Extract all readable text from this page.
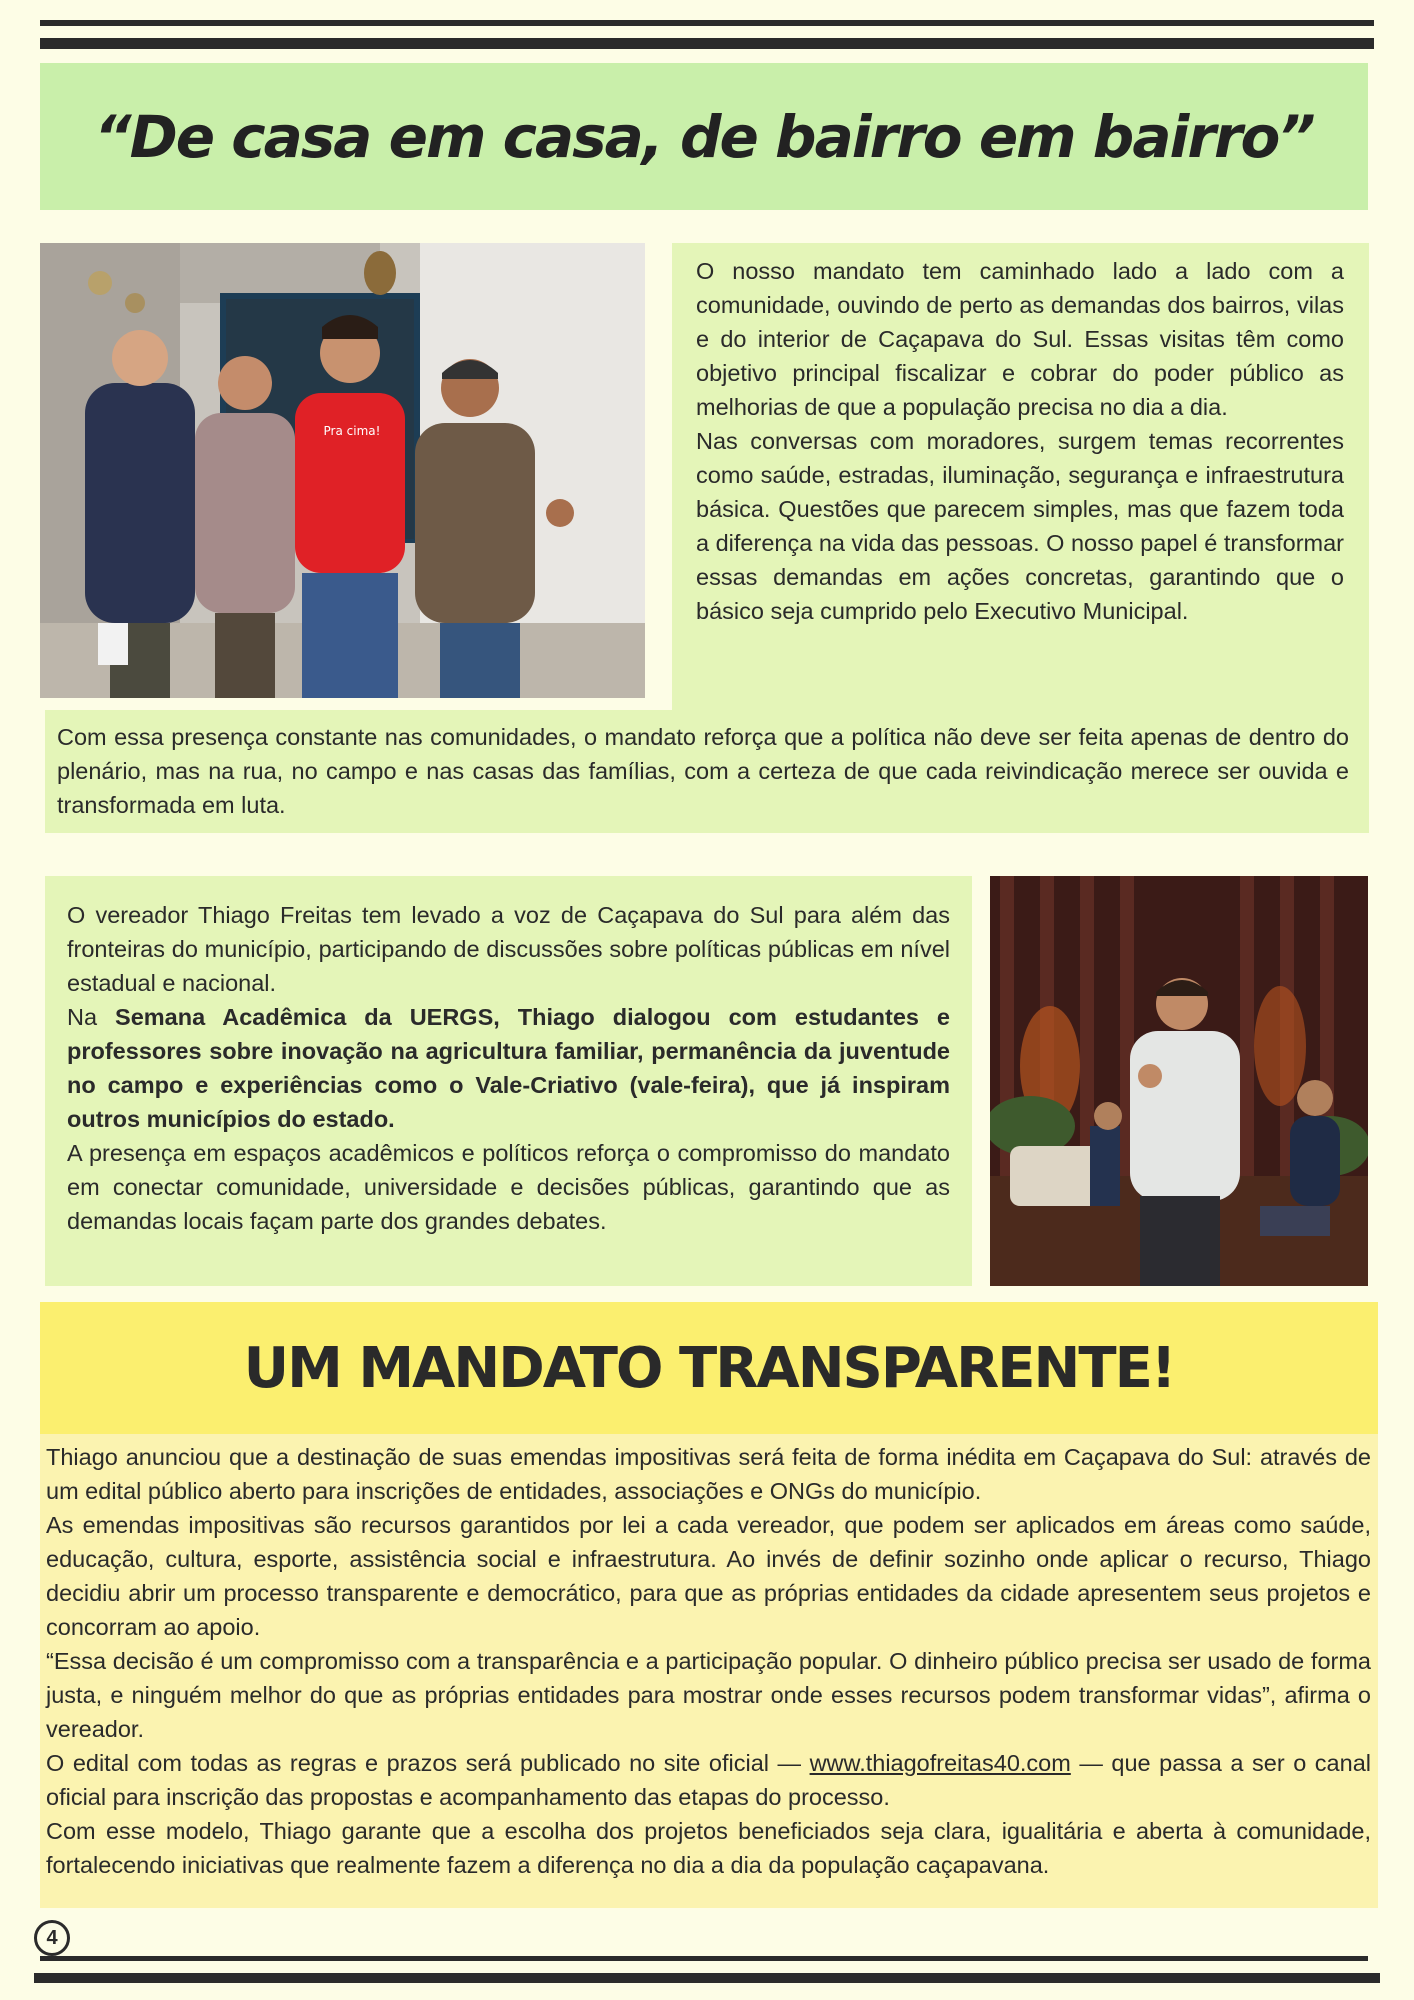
“De casa em casa, de bairro em bairro”
Pra cima!

O nosso mandato tem caminhado lado a lado com a comunidade, ouvindo de perto as demandas dos bairros, vilas e do interior de Caçapava do Sul. Essas visitas têm como objetivo principal fiscalizar e cobrar do poder público as melhorias de que a população precisa no dia a dia.

Nas conversas com moradores, surgem temas recorrentes como saúde, estradas, iluminação, segurança e infraestrutura básica. Questões que parecem simples, mas que fazem toda a diferença na vida das pessoas. O nosso papel é transformar essas demandas em ações concretas, garantindo que o básico seja cumprido pelo Executivo Municipal.

Com essa presença constante nas comunidades, o mandato reforça que a política não deve ser feita apenas de dentro do plenário, mas na rua, no campo e nas casas das famílias, com a certeza de que cada reivindicação merece ser ouvida e transformada em luta.

O vereador Thiago Freitas tem levado a voz de Caçapava do Sul para além das fronteiras do município, participando de discussões sobre políticas públicas em nível estadual e nacional.

Na Semana Acadêmica da UERGS, Thiago dialogou com estudantes e professores sobre inovação na agricultura familiar, permanência da juventude no campo e experiências como o Vale-Criativo (vale-feira), que já inspiram outros municípios do estado.

A presença em espaços acadêmicos e políticos reforça o compromisso do mandato em conectar comunidade, universidade e decisões públicas, garantindo que as demandas locais façam parte dos grandes debates.

UM MANDATO TRANSPARENTE!

Thiago anunciou que a destinação de suas emendas impositivas será feita de forma inédita em Caçapava do Sul: através de um edital público aberto para inscrições de entidades, associações e ONGs do município.

As emendas impositivas são recursos garantidos por lei a cada vereador, que podem ser aplicados em áreas como saúde, educação, cultura, esporte, assistência social e infraestrutura. Ao invés de definir sozinho onde aplicar o recurso, Thiago decidiu abrir um processo transparente e democrático, para que as próprias entidades da cidade apresentem seus projetos e concorram ao apoio.

“Essa decisão é um compromisso com a transparência e a participação popular. O dinheiro público precisa ser usado de forma justa, e ninguém melhor do que as próprias entidades para mostrar onde esses recursos podem transformar vidas”, afirma o vereador.

O edital com todas as regras e prazos será publicado no site oficial — www.thiagofreitas40.com — que passa a ser o canal oficial para inscrição das propostas e acompanhamento das etapas do processo.

Com esse modelo, Thiago garante que a escolha dos projetos beneficiados seja clara, igualitária e aberta à comunidade, fortalecendo iniciativas que realmente fazem a diferença no dia a dia da população caçapavana.

4
